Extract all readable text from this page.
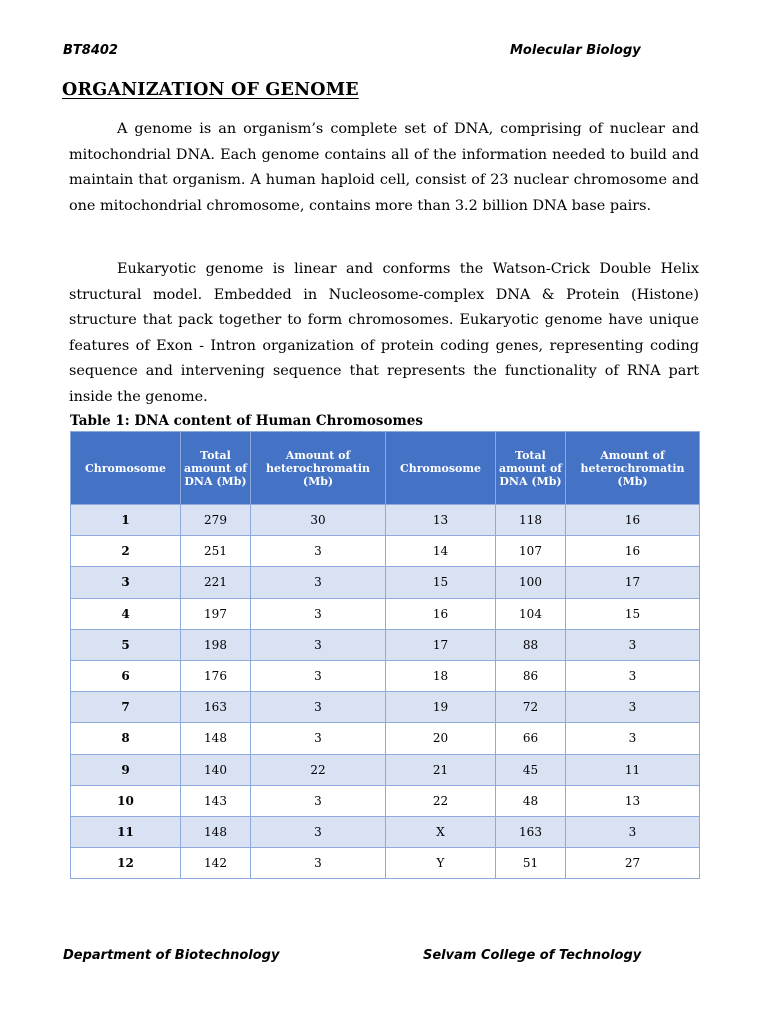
BT8402	Molecular Biology
ORGANIZATION OF GENOME

A genome is an organism’s complete set of DNA, comprising of nuclear and mitochondrial DNA. Each genome contains all of the information needed to build and maintain that organism. A human haploid cell, consist of 23 nuclear chromosome and one mitochondrial chromosome, contains more than 3.2 billion DNA base pairs.

Eukaryotic genome is linear and conforms the Watson-Crick Double Helix structural model. Embedded in Nucleosome-complex DNA & Protein (Histone) structure that pack together to form chromosomes. Eukaryotic genome have unique features of Exon - Intron organization of protein coding genes, representing coding sequence and intervening sequence that represents the functionality of RNA part inside the genome.

Table 1: DNA content of Human Chromosomes
Chromosome	Total amount of DNA (Mb)	Amount of heterochromatin (Mb)	Chromosome	Total amount of DNA (Mb)	Amount of heterochromatin (Mb)
1	279	30	13	118	16
2	251	3	14	107	16
3	221	3	15	100	17
4	197	3	16	104	15
5	198	3	17	88	3
6	176	3	18	86	3
7	163	3	19	72	3
8	148	3	20	66	3
9	140	22	21	45	11
10	143	3	22	48	13
11	148	3	X	163	3
12	142	3	Y	51	27
Department of Biotechnology	Selvam College of Technology
